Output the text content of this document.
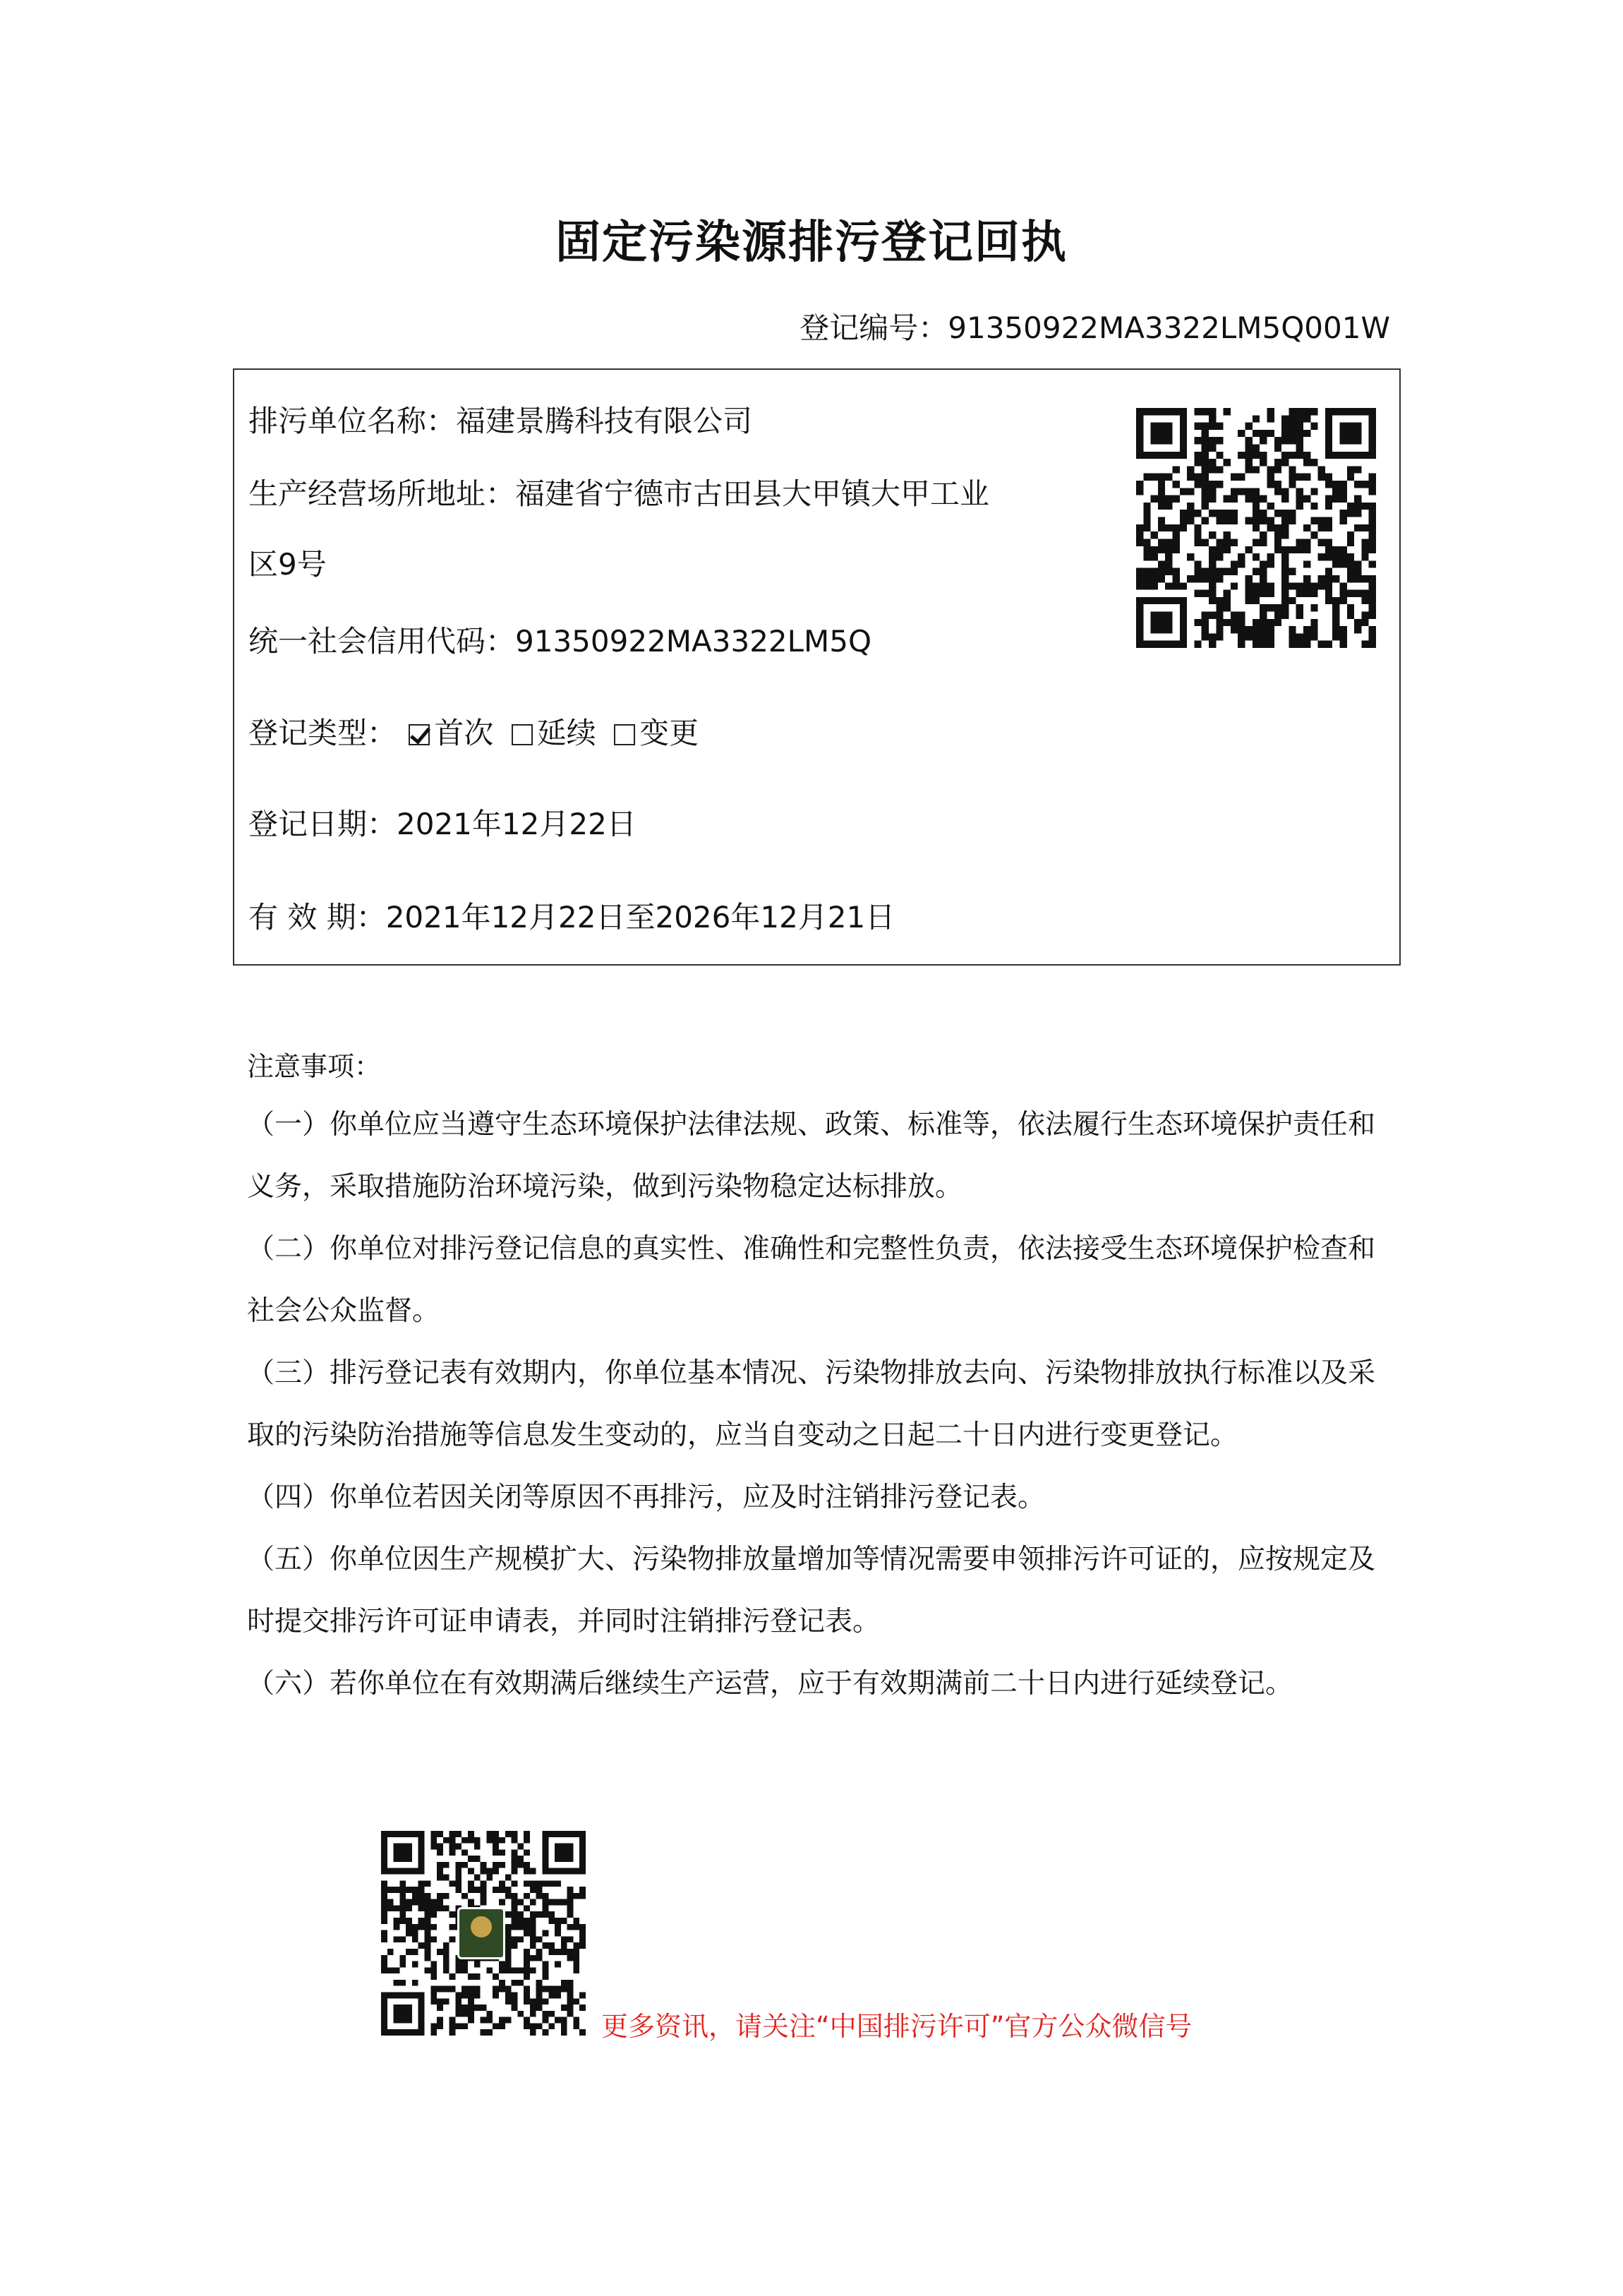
固定污染源排污登记回执
登记编号：91350922MA3322LM5Q001W
排污单位名称：福建景腾科技有限公司
生产经营场所地址：福建省宁德市古田县大甲镇大甲工业
区9号
统一社会信用代码：91350922MA3322LM5Q
登记类型： 首次 延续 变更
登记日期：2021年12月22日
有 效 期：2021年12月22日至2026年12月21日
注意事项：
（一）你单位应当遵守生态环境保护法律法规、政策、标准等，依法履行生态环境保护责任和义务，采取措施防治环境污染，做到污染物稳定达标排放。
（二）你单位对排污登记信息的真实性、准确性和完整性负责，依法接受生态环境保护检查和社会公众监督。
（三）排污登记表有效期内，你单位基本情况、污染物排放去向、污染物排放执行标准以及采取的污染防治措施等信息发生变动的，应当自变动之日起二十日内进行变更登记。
（四）你单位若因关闭等原因不再排污，应及时注销排污登记表。
（五）你单位因生产规模扩大、污染物排放量增加等情况需要申领排污许可证的，应按规定及时提交排污许可证申请表，并同时注销排污登记表。
（六）若你单位在有效期满后继续生产运营，应于有效期满前二十日内进行延续登记。
更多资讯，请关注“中国排污许可”官方公众微信号
